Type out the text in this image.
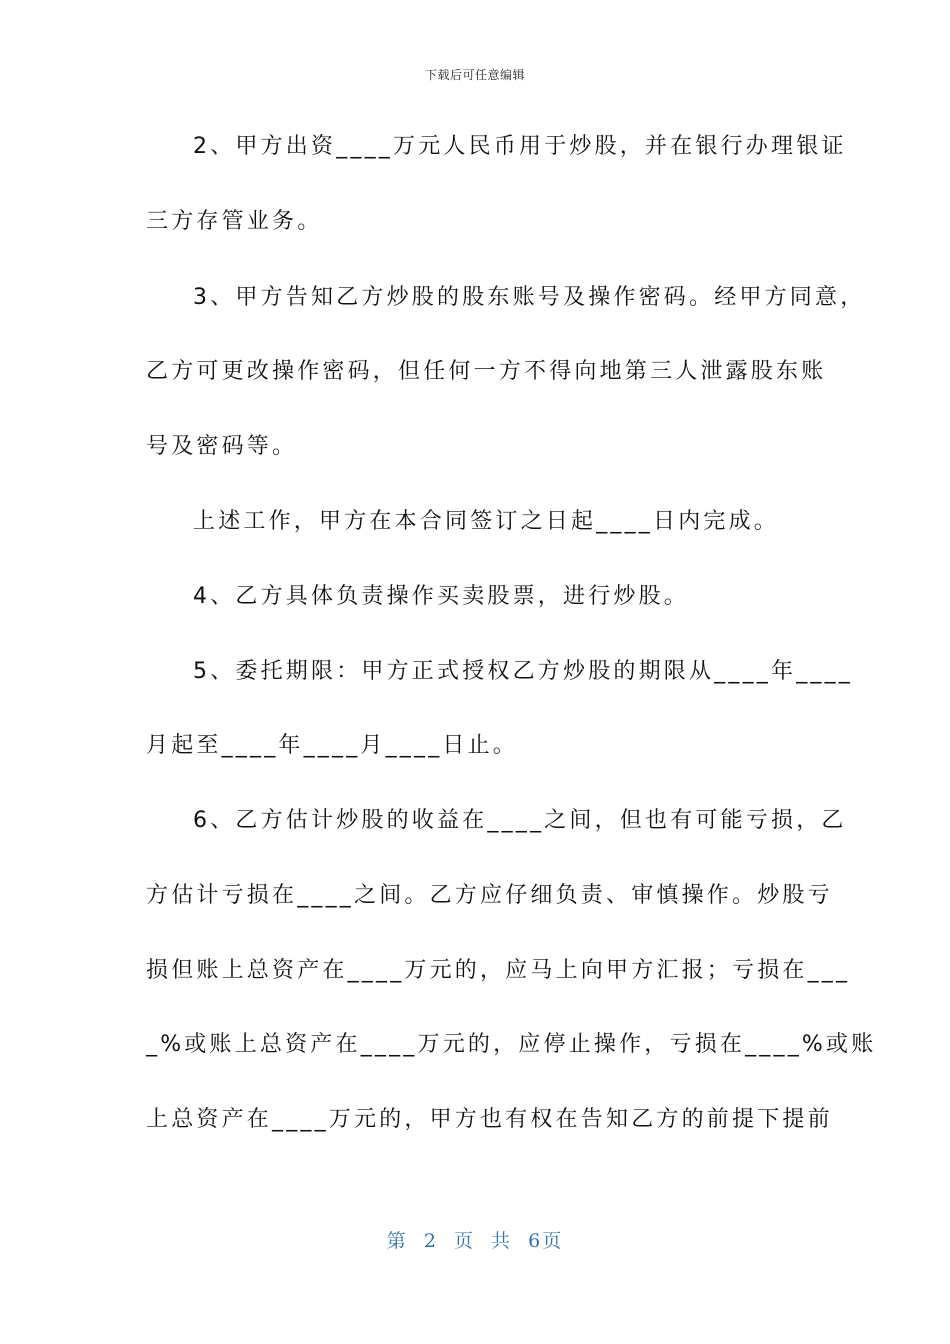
下载后可任意编辑
2、甲方出资____万元人民币用于炒股，并在银行办理银证
三方存管业务。
3、甲方告知乙方炒股的股东账号及操作密码。经甲方同意，
乙方可更改操作密码，但任何一方不得向地第三人泄露股东账
号及密码等。
上述工作，甲方在本合同签订之日起____日内完成。
4、乙方具体负责操作买卖股票，进行炒股。
5、委托期限：甲方正式授权乙方炒股的期限从____年____
月起至____年____月____日止。
6、乙方估计炒股的收益在____之间，但也有可能亏损，乙
方估计亏损在____之间。乙方应仔细负责、审慎操作。炒股亏
损但账上总资产在____万元的，应马上向甲方汇报；亏损在___
_%或账上总资产在____万元的，应停止操作，亏损在____%或账
上总资产在____万元的，甲方也有权在告知乙方的前提下提前
第 2 页 共 6页
